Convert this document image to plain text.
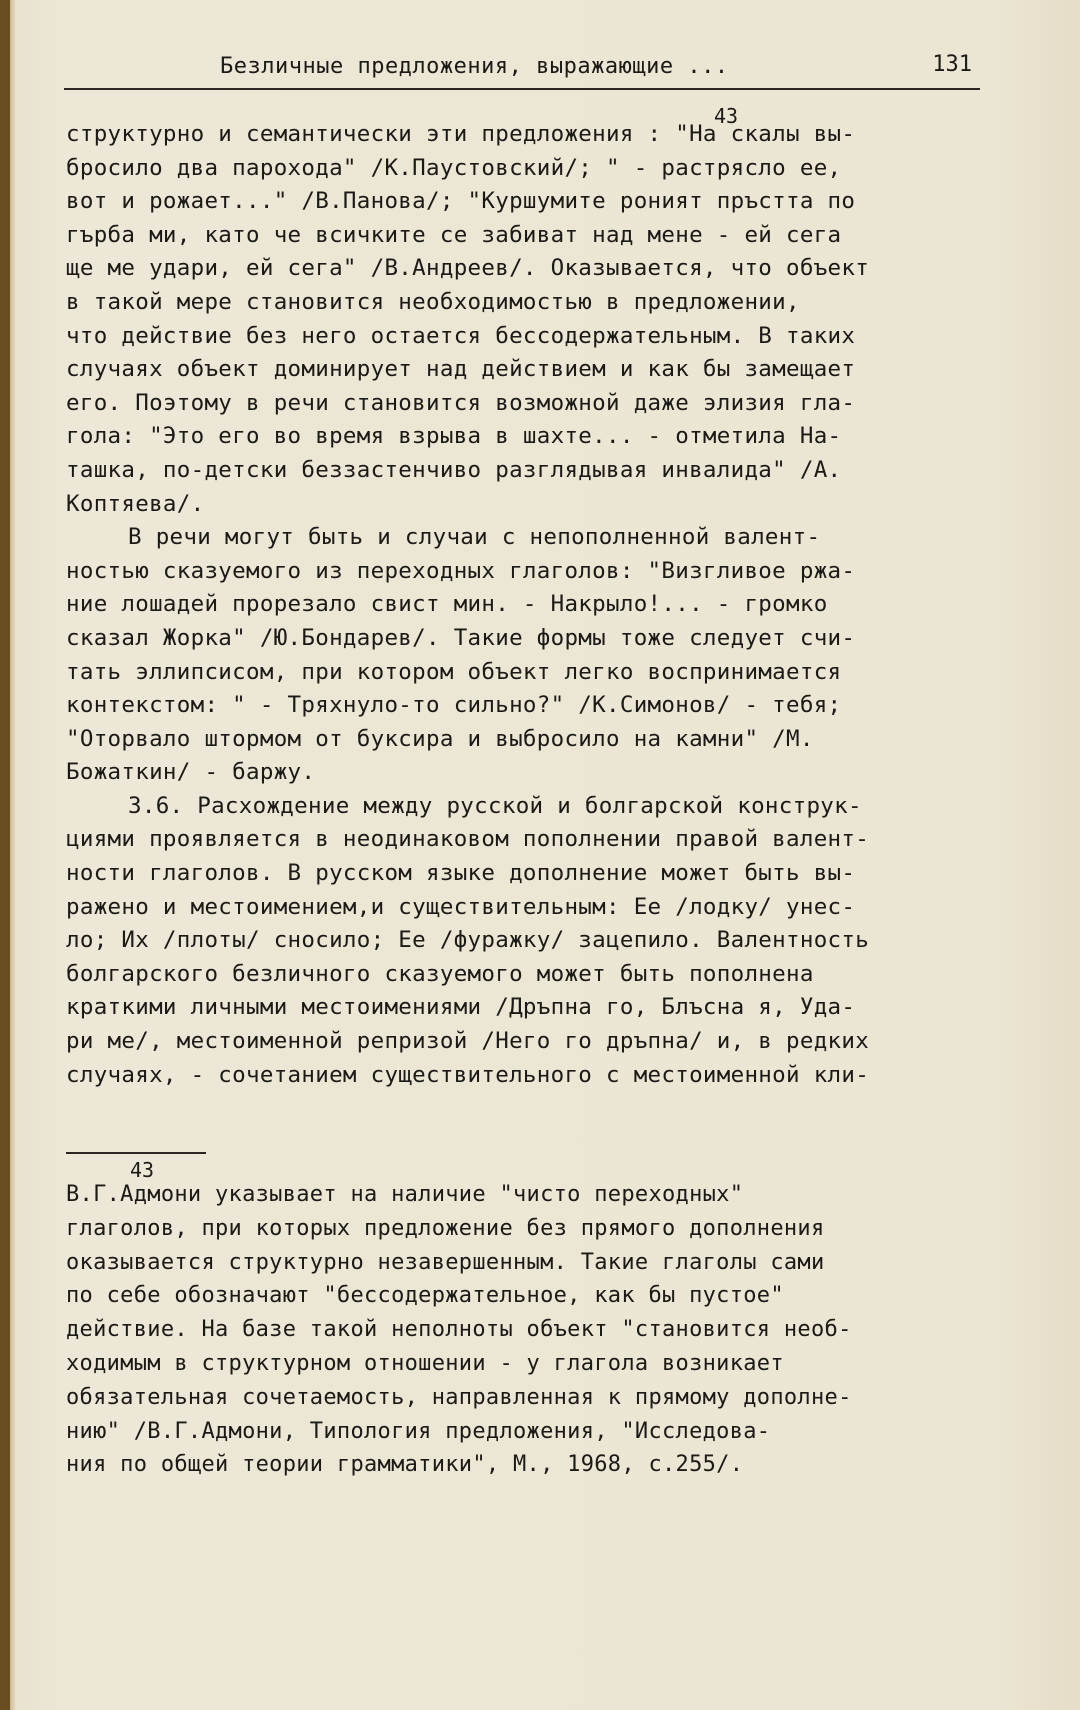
Безличные предложения, выражающие ...	131
43
структурно и семантически эти предложения : "На скалы вы-
бросило два парохода" /К.Паустовский/; " - растрясло ее,
вот и рожает..." /В.Панова/; "Куршумите роният пръстта по
гърба ми, като че всичките се забиват над мене - ей сега
ще ме удари, ей сега" /В.Андреев/. Оказывается, что объект
в такой мере становится необходимостью в предложении,
что действие без него остается бессодержательным. В таких
случаях объект доминирует над действием и как бы замещает
его. Поэтому в речи становится возможной даже элизия гла-
гола: "Это его во время взрыва в шахте... - отметила На-
ташка, по-детски беззастенчиво разглядывая инвалида" /А.
Коптяева/.
В речи могут быть и случаи с непополненной валент-
ностью сказуемого из переходных глаголов: "Визгливое ржа-
ние лошадей прорезало свист мин. - Накрыло!... - громко
сказал Жорка" /Ю.Бондарев/. Такие формы тоже следует счи-
тать эллипсисом, при котором объект легко воспринимается
контекстом: " - Тряхнуло-то сильно?" /К.Симонов/ - тебя;
"Оторвало штормом от буксира и выбросило на камни" /М.
Божаткин/ - баржу.
3.6. Расхождение между русской и болгарской конструк-
циями проявляется в неодинаковом пополнении правой валент-
ности глаголов. В русском языке дополнение может быть вы-
ражено и местоимением,и существительным: Ее /лодку/ унес-
ло; Их /плоты/ сносило; Ее /фуражку/ зацепило. Валентность
болгарского безличного сказуемого может быть пополнена
краткими личными местоимениями /Дръпна го, Блъсна я, Уда-
ри ме/, местоименной репризой /Него го дръпна/ и, в редких
случаях, - сочетанием существительного с местоименной кли-
43
В.Г.Адмони указывает на наличие "чисто переходных"
глаголов, при которых предложение без прямого дополнения
оказывается структурно незавершенным. Такие глаголы сами
по себе обозначают "бессодержательное, как бы пустое"
действие. На базе такой неполноты объект "становится необ-
ходимым в структурном отношении - у глагола возникает
обязательная сочетаемость, направленная к прямому дополне-
нию" /В.Г.Адмони, Типология предложения, "Исследова-
ния по общей теории грамматики", М., 1968, с.255/.
